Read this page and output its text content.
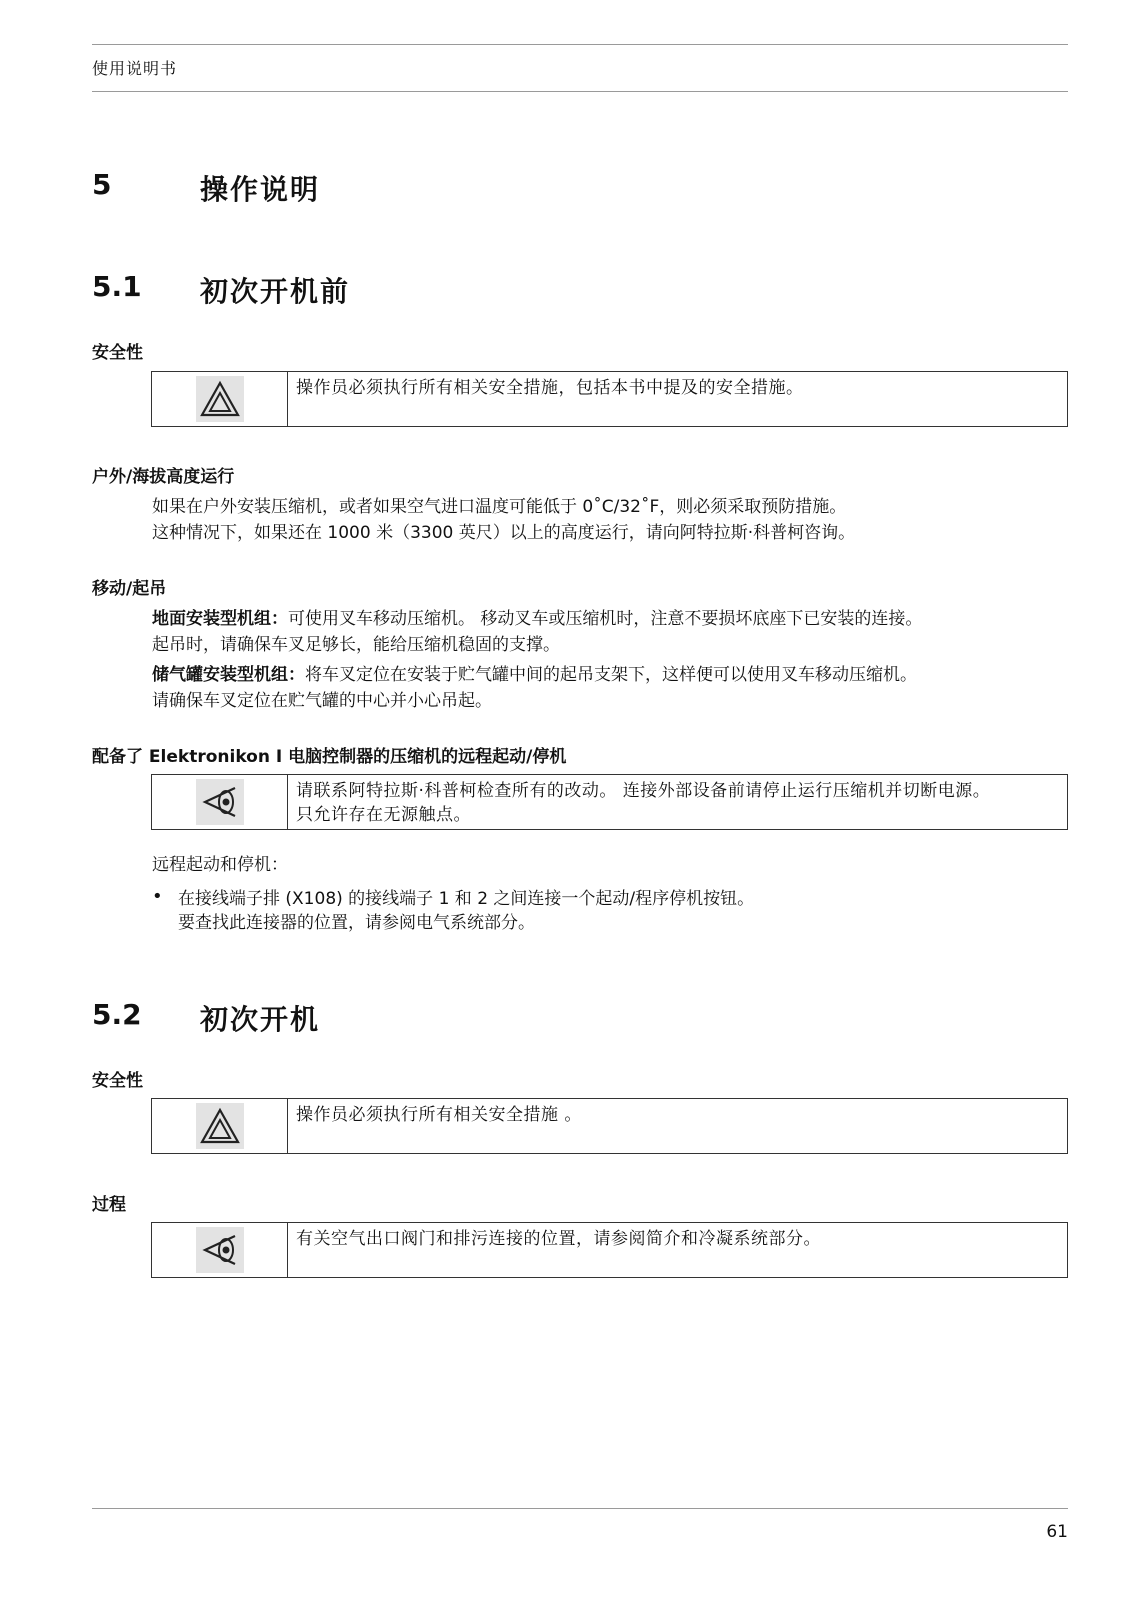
使用说明书
5	操作说明
5.1 初次开机前
安全性
操作员必须执行所有相关安全措施，包括本书中提及的安全措施。
户外/海拔高度运行
如果在户外安装压缩机，或者如果空气进口温度可能低于 0˚C/32˚F，则必须采取预防措施。
这种情况下，如果还在 1000 米（3300 英尺）以上的高度运行，请向阿特拉斯·科普柯咨询。
移动/起吊
地面安装型机组：可使用叉车移动压缩机。 移动叉车或压缩机时，注意不要损坏底座下已安装的连接。
起吊时，请确保车叉足够长，能给压缩机稳固的支撑。
储气罐安装型机组：将车叉定位在安装于贮气罐中间的起吊支架下，这样便可以使用叉车移动压缩机。
请确保车叉定位在贮气罐的中心并小心吊起。
配备了 Elektronikon I 电脑控制器的压缩机的远程起动/停机
请联系阿特拉斯·科普柯检查所有的改动。 连接外部设备前请停止运行压缩机并切断电源。
只允许存在无源触点。
远程起动和停机：
• 在接线端子排 (X108) 的接线端子 1 和 2 之间连接一个起动/程序停机按钮。
要查找此连接器的位置，请参阅电气系统部分。
5.2 初次开机
安全性
操作员必须执行所有相关安全措施 。
过程
有关空气出口阀门和排污连接的位置，请参阅简介和冷凝系统部分。
61
